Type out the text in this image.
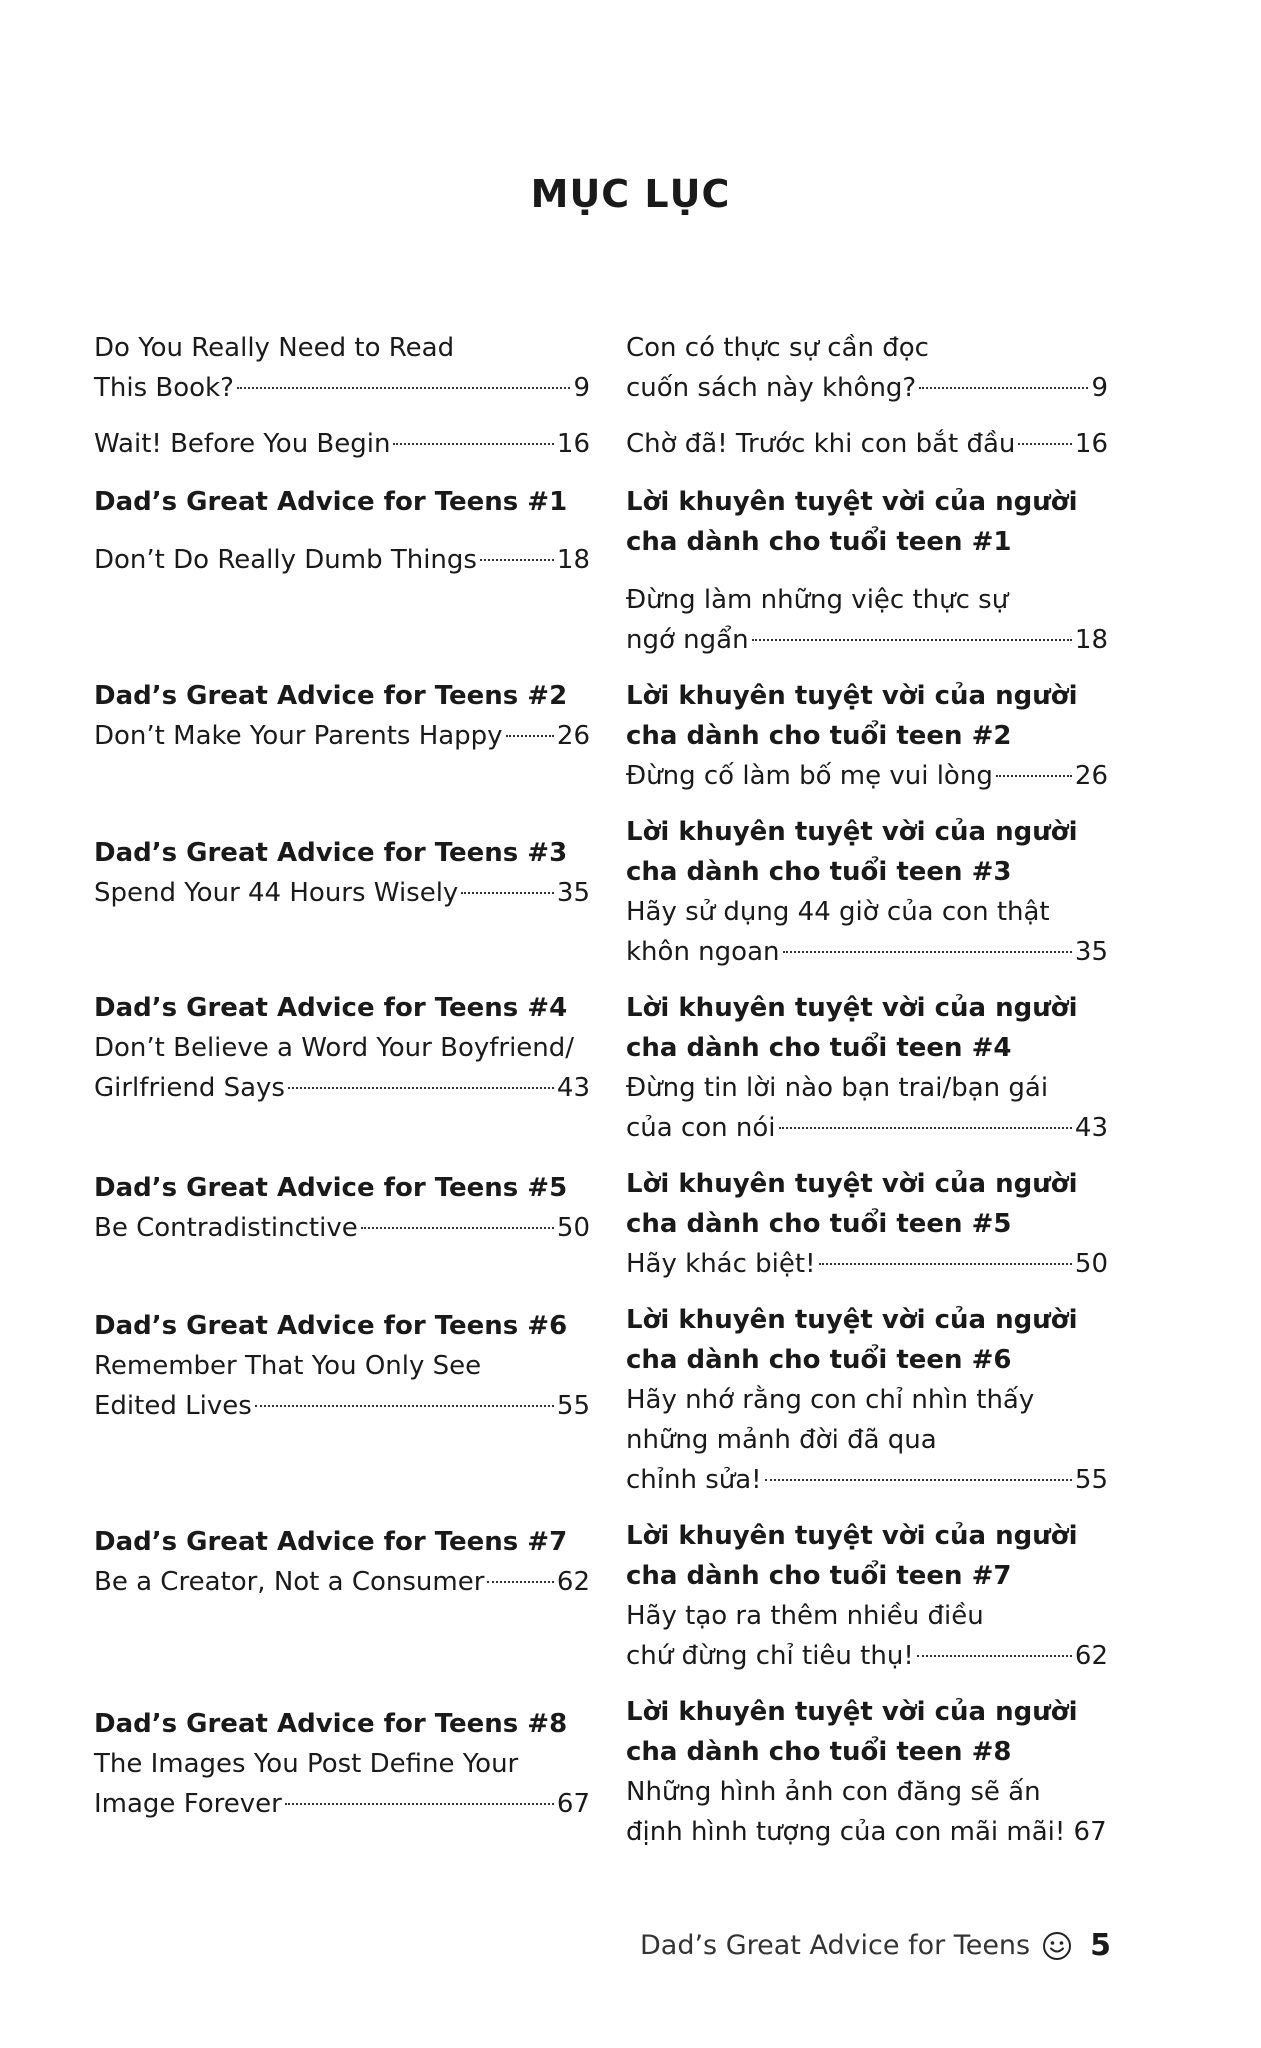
MỤC LỤC
Do You Really Need to Read
This Book?	9
Wait! Before You Begin	16
Dad’s Great Advice for Teens #1
Don’t Do Really Dumb Things	18
Dad’s Great Advice for Teens #2
Don’t Make Your Parents Happy 26
Dad’s Great Advice for Teens #3
Spend Your 44 Hours Wisely	35
Dad’s Great Advice for Teens #4
Don’t Believe a Word Your Boyfriend/
Girlfriend Says	43
Dad’s Great Advice for Teens #5
Be Contradistinctive	50
Dad’s Great Advice for Teens #6
Remember That You Only See
Edited Lives	55
Dad’s Great Advice for Teens #7
Be a Creator, Not a Consumer	62
Dad’s Great Advice for Teens #8
The Images You Post Define Your
Image Forever	67
Con có thực sự cần đọc
cuốn sách này không?	9
Chờ đã! Trước khi con bắt đầu 16
Lời khuyên tuyệt vời của người
cha dành cho tuổi teen #1
Đừng làm những việc thực sự
ngớ ngẩn	18
Lời khuyên tuyệt vời của người
cha dành cho tuổi teen #2
Đừng cố làm bố mẹ vui lòng	26
Lời khuyên tuyệt vời của người
cha dành cho tuổi teen #3
Hãy sử dụng 44 giờ của con thật
khôn ngoan	35
Lời khuyên tuyệt vời của người
cha dành cho tuổi teen #4
Đừng tin lời nào bạn trai/bạn gái
của con nói	43
Lời khuyên tuyệt vời của người
cha dành cho tuổi teen #5
Hãy khác biệt!	50
Lời khuyên tuyệt vời của người
cha dành cho tuổi teen #6
Hãy nhớ rằng con chỉ nhìn thấy
những mảnh đời đã qua
chỉnh sửa!	55
Lời khuyên tuyệt vời của người
cha dành cho tuổi teen #7
Hãy tạo ra thêm nhiều điều
chứ đừng chỉ tiêu thụ!	62
Lời khuyên tuyệt vời của người
cha dành cho tuổi teen #8
Những hình ảnh con đăng sẽ ấn
định hình tượng của con mãi mãi! 67
Dad’s Great Advice for Teens 5
